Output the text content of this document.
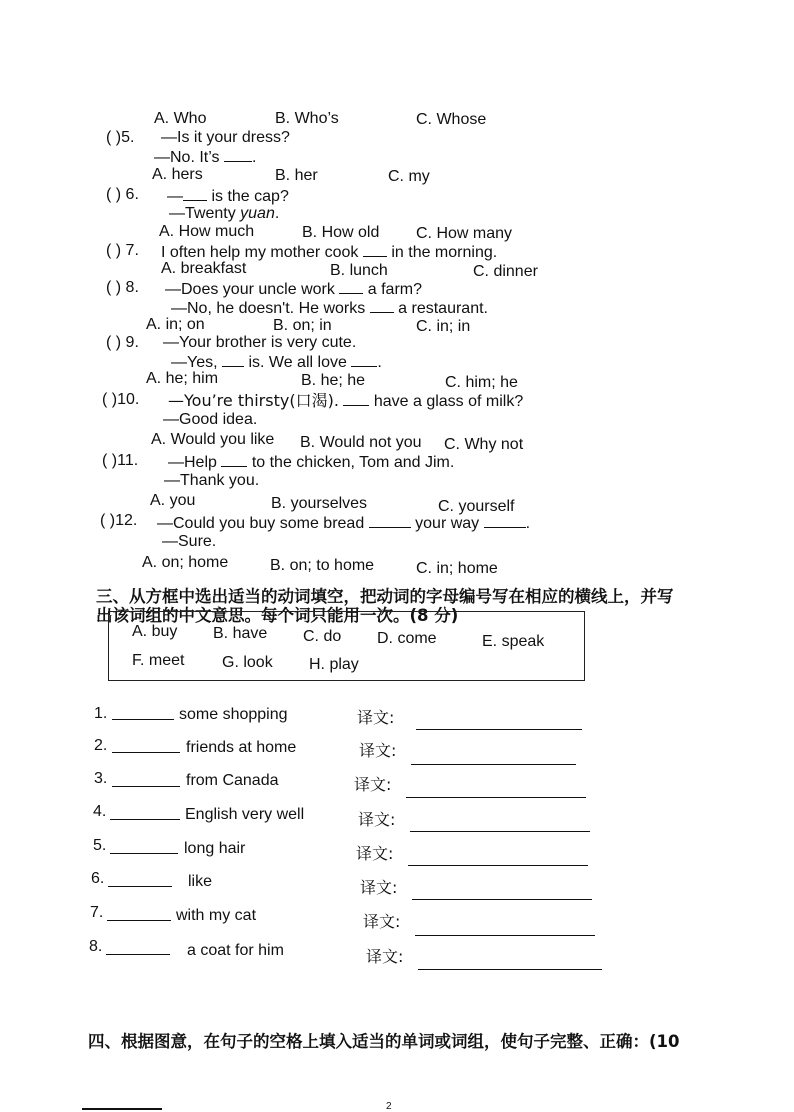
A. Who	B. Who’s	C. Whose
( )5. —Is it your dress?
—No. It’s .
A. hers	B. her	C. my
( ) 6. — is the cap?
—Twenty yuan.
A. How much	B. How old C. How many
( ) 7. I often help my mother cook in the morning.
A. breakfast	B. lunch	C. dinner
( ) 8. —Does your uncle work a farm?
—No, he doesn't. He works a restaurant.
A. in; on	B. on; in	C. in; in
( ) 9. —Your brother is very cute.
—Yes, is. We all love .
A. he; him	B. he; he	C. him; he
( )10. —You’re thirsty(口渴). have a glass of milk?
—Good idea.
A. Would you like B. Would not you C. Why not
( )11. —Help to the chicken, Tom and Jim.
—Thank you.
A. you	B. yourselves	C. yourself
( )12. —Could you buy some bread	your way	.
—Sure.
A. on; home	B. on; to home	C. in; home
三、从方框中选出适当的动词填空，把动词的字母编号写在相应的横线上，并写
出该词组的中文意思。每个词只能用一次。(8 分)
A. buy B. have C. do D. come	E. speak
F. meet G. look H. play
1.	some shopping	译文:
2.	friends at home	译文:
3.	from Canada	译文:
4.	English very well	译文:
5.	long hair	译文:
6.	like	译文:
7.	with my cat	译文:
8.	a coat for him	译文:
四、根据图意，在句子的空格上填入适当的单词或词组，使句子完整、正确：(10
2
